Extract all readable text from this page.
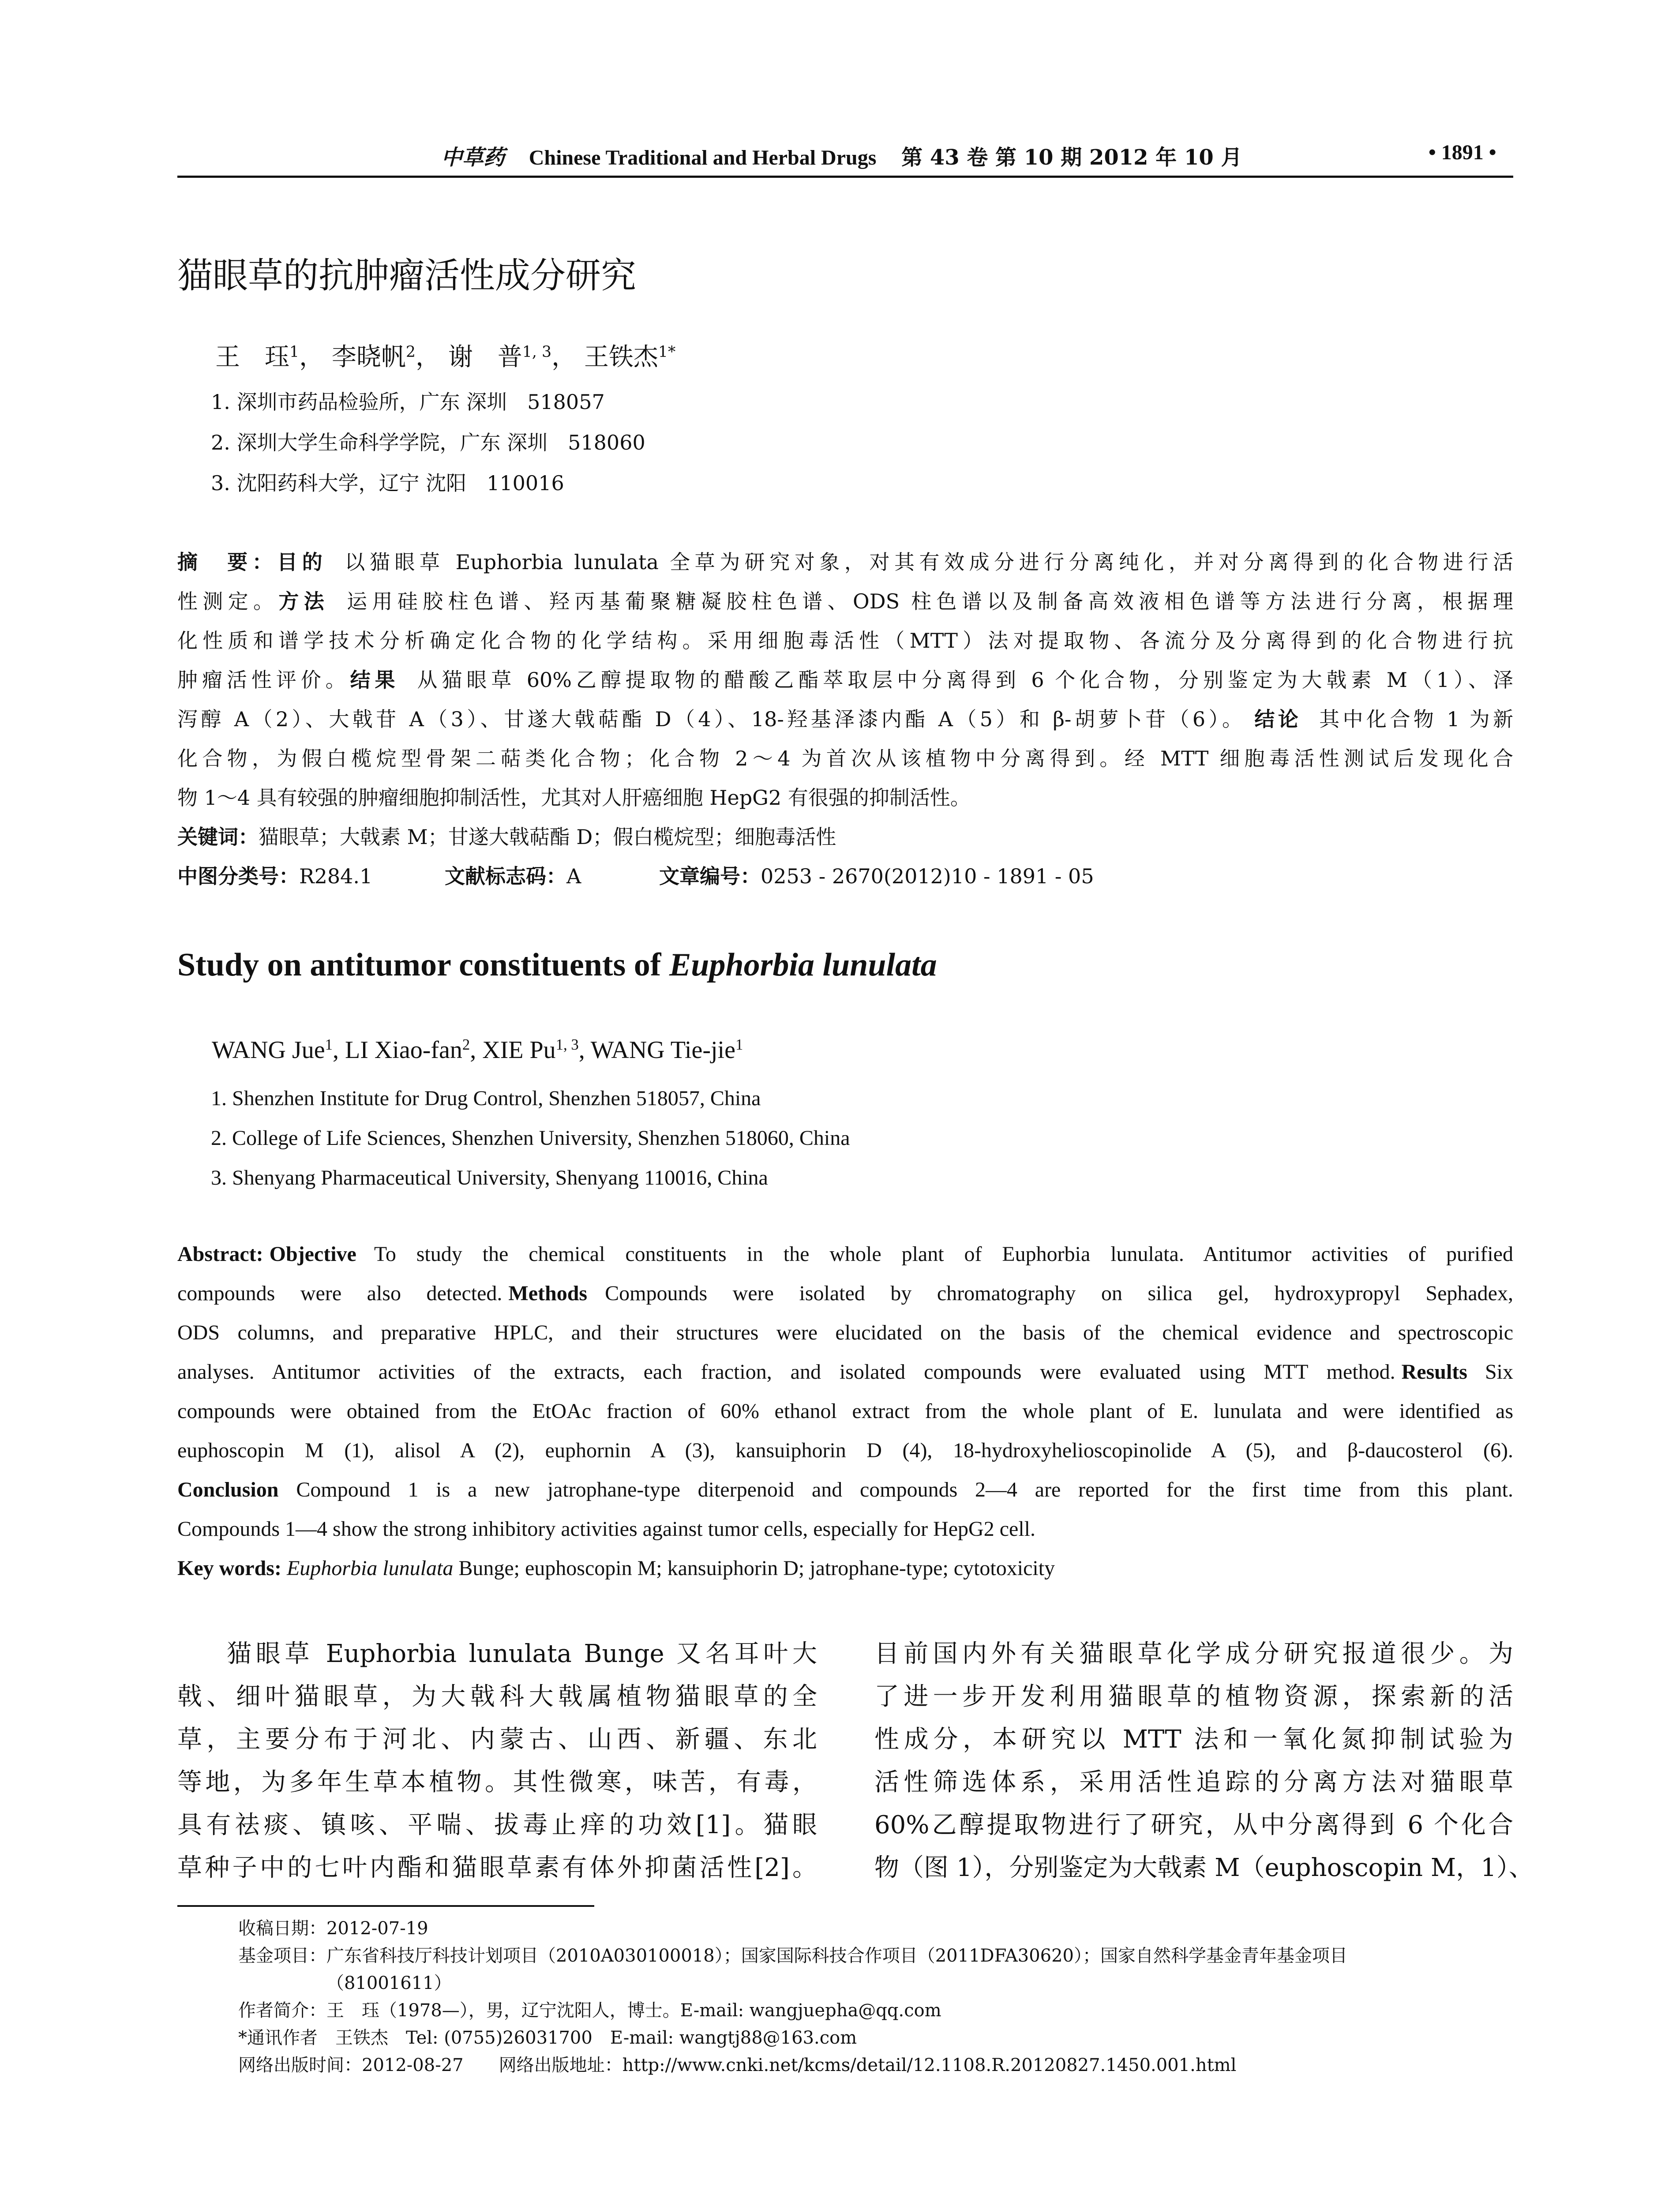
中草药 Chinese Traditional and Herbal Drugs 第 43 卷 第 10 期 2012 年 10 月	• 1891 •
猫眼草的抗肿瘤活性成分研究
王　珏$^1$， 李晓帆$^2$， 谢　普$^{1, 3}$， 王铁杰$^{1*}$
1. 深圳市药品检验所，广东 深圳　518057
2. 深圳大学生命科学学院，广东 深圳　518060
3. 沈阳药科大学，辽宁 沈阳　110016
摘　要：目的 以猫眼草 Euphorbia lunulata 全草为研究对象，对其有效成分进行分离纯化，并对分离得到的化合物进行活
性测定。方法 运用硅胶柱色谱、羟丙基葡聚糖凝胶柱色谱、ODS 柱色谱以及制备高效液相色谱等方法进行分离，根据理
化性质和谱学技术分析确定化合物的化学结构。采用细胞毒活性（MTT）法对提取物、各流分及分离得到的化合物进行抗
肿瘤活性评价。结果 从猫眼草 60%乙醇提取物的醋酸乙酯萃取层中分离得到 6 个化合物，分别鉴定为大戟素 M（1）、泽
泻醇 A（2）、大戟苷 A（3）、甘遂大戟萜酯 D（4）、18-羟基泽漆内酯 A（5）和 β-胡萝卜苷（6）。 结论 其中化合物 1 为新
化合物，为假白榄烷型骨架二萜类化合物；化合物 2～4 为首次从该植物中分离得到。经 MTT 细胞毒活性测试后发现化合
物 1～4 具有较强的肿瘤细胞抑制活性，尤其对人肝癌细胞 HepG2 有很强的抑制活性。
关键词：猫眼草；大戟素 M；甘遂大戟萜酯 D；假白榄烷型；细胞毒活性
中图分类号：R284.1	文献标志码：A	文章编号：0253 - 2670(2012)10 - 1891 - 05
Study on antitumor constituents of Euphorbia lunulata
WANG Jue$^1$, LI Xiao-fan$^2$, XIE Pu$^{1, 3}$, WANG Tie-jie$^1$
1. Shenzhen Institute for Drug Control, Shenzhen 518057, China
2. College of Life Sciences, Shenzhen University, Shenzhen 518060, China
3. Shenyang Pharmaceutical University, Shenyang 110016, China
Abstract: Objective To study the chemical constituents in the whole plant of Euphorbia lunulata. Antitumor activities of purified
compounds were also detected. Methods Compounds were isolated by chromatography on silica gel, hydroxypropyl Sephadex,
ODS columns, and preparative HPLC, and their structures were elucidated on the basis of the chemical evidence and spectroscopic
analyses. Antitumor activities of the extracts, each fraction, and isolated compounds were evaluated using MTT method. Results Six
compounds were obtained from the EtOAc fraction of 60% ethanol extract from the whole plant of E. lunulata and were identified as
euphoscopin M (1), alisol A (2), euphornin A (3), kansuiphorin D (4), 18-hydroxyhelioscopinolide A (5), and β-daucosterol (6).
Conclusion Compound 1 is a new jatrophane-type diterpenoid and compounds 2—4 are reported for the first time from this plant.
Compounds 1—4 show the strong inhibitory activities against tumor cells, especially for HepG2 cell.
Key words: Euphorbia lunulata Bunge; euphoscopin M; kansuiphorin D; jatrophane-type; cytotoxicity
猫眼草 Euphorbia lunulata Bunge 又名耳叶大
戟、细叶猫眼草，为大戟科大戟属植物猫眼草的全
草，主要分布于河北、内蒙古、山西、新疆、东北
等地，为多年生草本植物。其性微寒，味苦，有毒，
具有祛痰、镇咳、平喘、拔毒止痒的功效[1]。猫眼
草种子中的七叶内酯和猫眼草素有体外抑菌活性[2]。
目前国内外有关猫眼草化学成分研究报道很少。为
了进一步开发利用猫眼草的植物资源，探索新的活
性成分，本研究以 MTT 法和一氧化氮抑制试验为
活性筛选体系，采用活性追踪的分离方法对猫眼草
60%乙醇提取物进行了研究，从中分离得到 6 个化合
物（图 1），分别鉴定为大戟素 M（euphoscopin M，1）、
收稿日期：2012-07-19
基金项目：广东省科技厅科技计划项目（2010A030100018）；国家国际科技合作项目（2011DFA30620）；国家自然科学基金青年基金项目
（81001611）
作者简介：王　珏（1978—），男，辽宁沈阳人，博士。E-mail: wangjuepha@qq.com
*通讯作者　王铁杰　Tel: (0755)26031700　E-mail: wangtj88@163.com
网络出版时间：2012-08-27　　网络出版地址：http://www.cnki.net/kcms/detail/12.1108.R.20120827.1450.001.html
